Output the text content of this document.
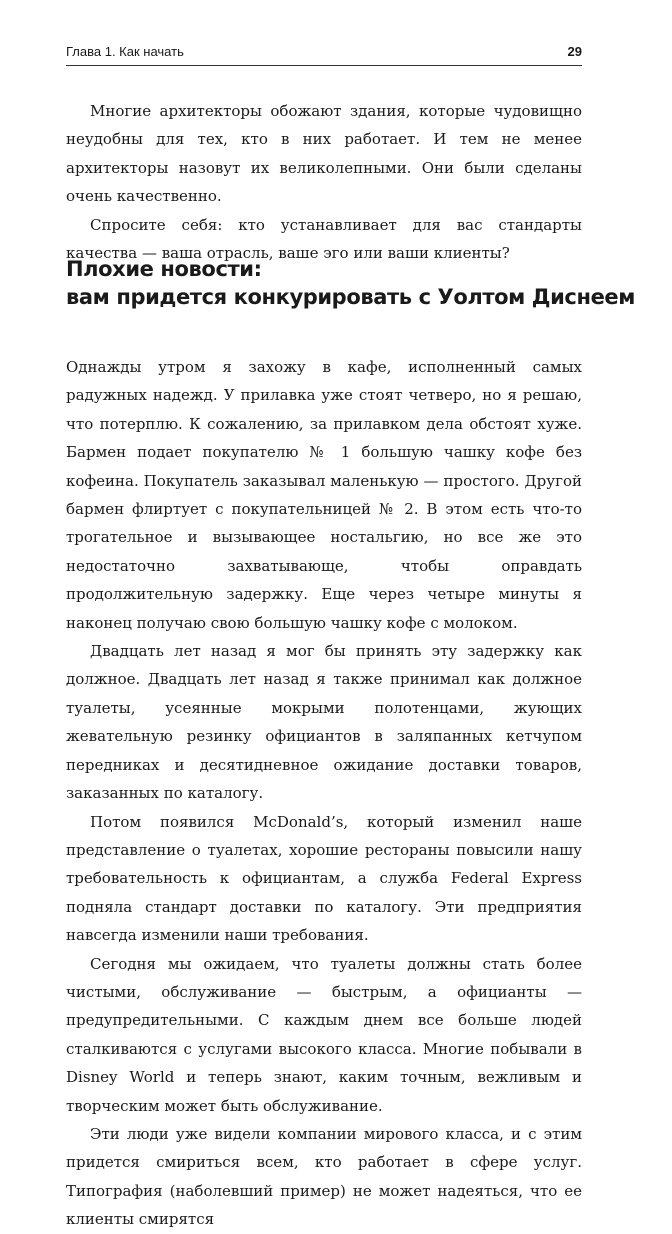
Глава 1. Как начать	29

Многие архитекторы обожают здания, которые чудовищно неудобны для тех, кто в них работает. И тем не менее архитекторы назовут их великолепными. Они были сделаны очень качественно.

Спросите себя: кто устанавливает для вас стандарты качества — ваша отрасль, ваше эго или ваши клиенты?

Плохие новости:
вам придется конкурировать с Уолтом Диснеем

Однажды утром я захожу в кафе, исполненный самых радужных надежд. У прилавка уже стоят четверо, но я решаю, что потерплю. К сожалению, за прилавком дела обстоят хуже. Бармен подает покупателю № 1 большую чашку кофе без кофеина. Покупатель заказывал маленькую — простого. Другой бармен флиртует с покупательницей № 2. В этом есть что-то трогательное и вызывающее ностальгию, но все же это недостаточно захватывающе, чтобы оправдать продолжительную задержку. Еще через четыре минуты я наконец получаю свою большую чашку кофе с молоком.

Двадцать лет назад я мог бы принять эту задержку как должное. Двадцать лет назад я также принимал как должное туалеты, усеянные мокрыми полотенцами, жующих жевательную резинку официантов в заляпанных кетчупом передниках и десятидневное ожидание доставки товаров, заказанных по каталогу.

Потом появился McDonald’s, который изменил наше представление о туалетах, хорошие рестораны повысили нашу требовательность к официантам, а служба Federal Express подняла стандарт доставки по каталогу. Эти предприятия навсегда изменили наши требования.

Сегодня мы ожидаем, что туалеты должны стать более чистыми, обслуживание — быстрым, а официанты — предупредительными. С каждым днем все больше людей сталкиваются с услугами высокого класса. Многие побывали в Disney World и теперь знают, каким точным, вежливым и творческим может быть обслуживание.

Эти люди уже видели компании мирового класса, и с этим придется смириться всем, кто работает в сфере услуг. Типография (наболевший пример) не может надеяться, что ее клиенты смирятся
